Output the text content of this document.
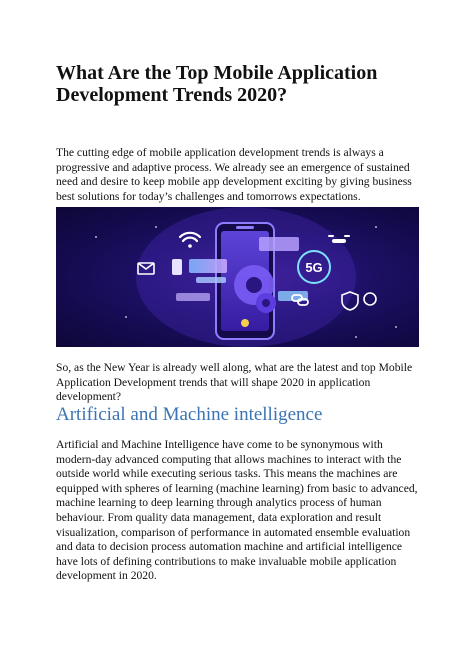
What Are the Top Mobile Application Development Trends 2020?
The cutting edge of mobile application development trends is always a progressive and adaptive process. We already see an emergence of sustained need and desire to keep mobile app development exciting by giving business best solutions for today’s challenges and tomorrows expectations.
5G
So, as the New Year is already well along, what are the latest and top Mobile Application Development trends that will shape 2020 in application development?
Artificial and Machine intelligence
Artificial and Machine Intelligence have come to be synonymous with modern-day advanced computing that allows machines to interact with the outside world while executing serious tasks. This means the machines are equipped with spheres of learning (machine learning) from basic to advanced, machine learning to deep learning through analytics process of human behaviour. From quality data management, data exploration and result visualization, comparison of performance in automated ensemble evaluation and data to decision process automation machine and artificial intelligence have lots of defining contributions to make invaluable mobile application development in 2020.
